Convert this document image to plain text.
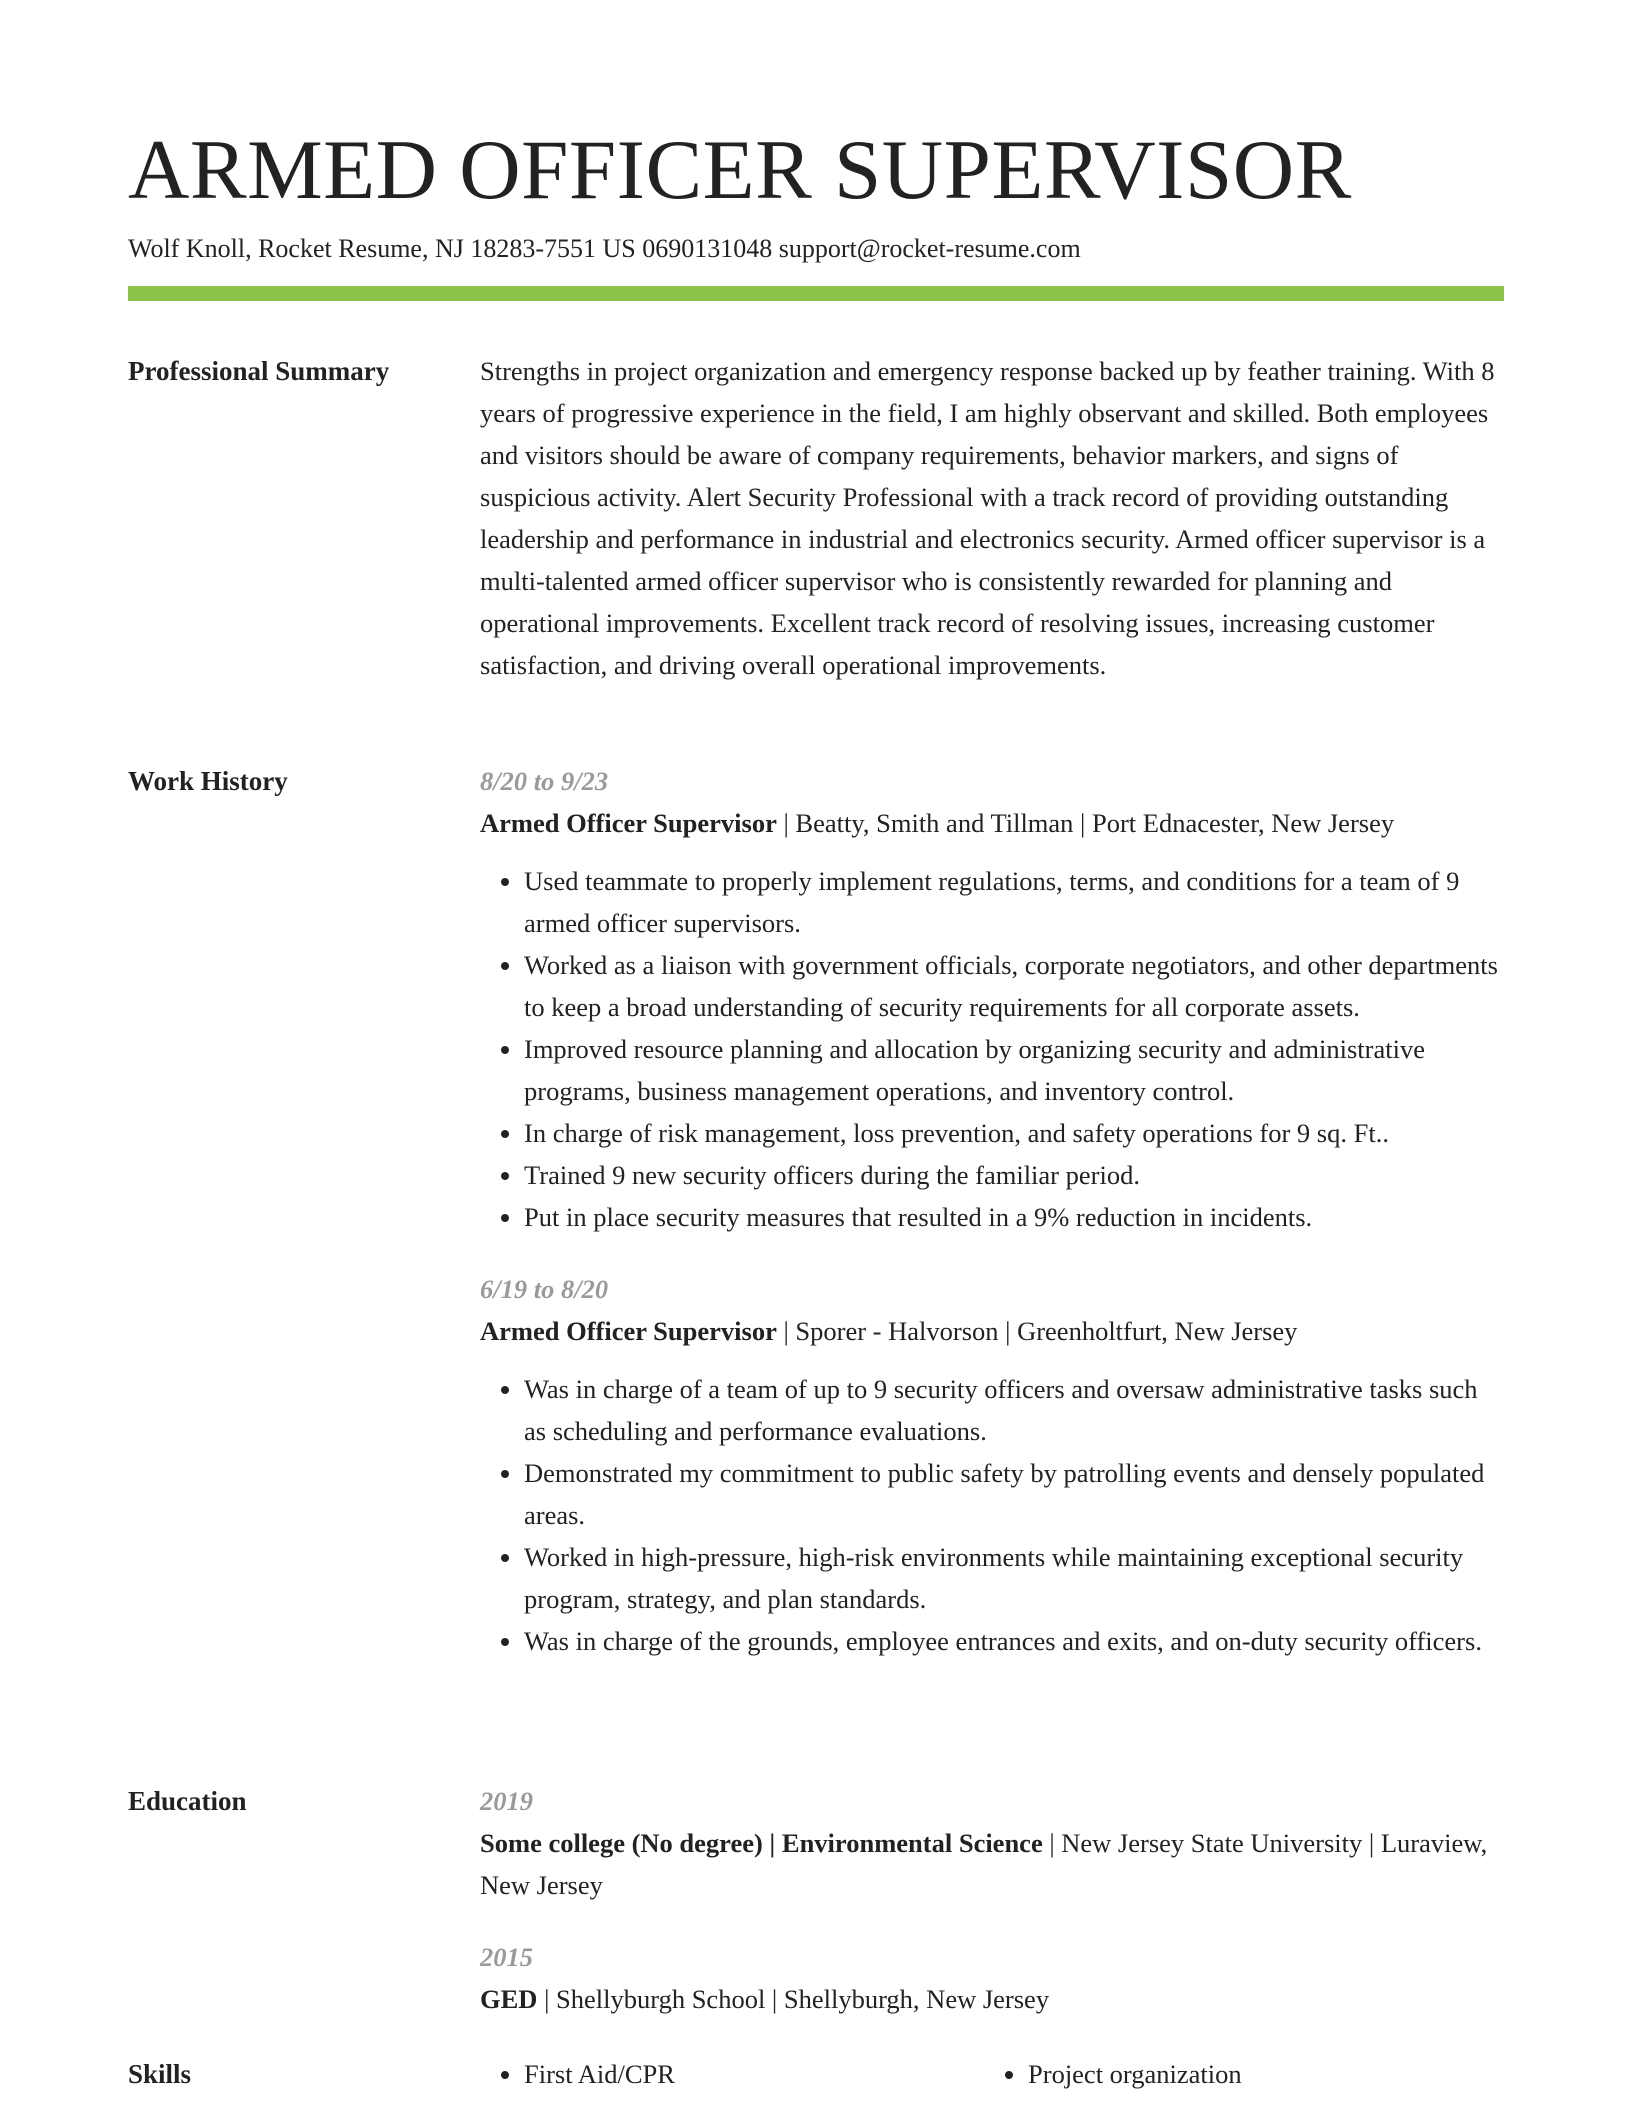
ARMED OFFICER SUPERVISOR
Wolf Knoll, Rocket Resume, NJ 18283-7551 US 0690131048 support@rocket-resume.com
Professional Summary	Strengths in project organization and emergency response backed up by feather training. With 8 years of progressive experience in the field, I am highly observant and skilled. Both employees and visitors should be aware of company requirements, behavior markers, and signs of suspicious activity. Alert Security Professional with a track record of providing outstanding leadership and performance in industrial and electronics security. Armed officer supervisor is a multi-talented armed officer supervisor who is consistently rewarded for planning and operational improvements. Excellent track record of resolving issues, increasing customer satisfaction, and driving overall operational improvements.

Work History	8/20 to 9/23
Armed Officer Supervisor | Beatty, Smith and Tillman | Port Ednacester, New Jersey
• Used teammate to properly implement regulations, terms, and conditions for a team of 9 armed officer supervisors.
• Worked as a liaison with government officials, corporate negotiators, and other departments to keep a broad understanding of security requirements for all corporate assets.
• Improved resource planning and allocation by organizing security and administrative programs, business management operations, and inventory control.
• In charge of risk management, loss prevention, and safety operations for 9 sq. Ft..
• Trained 9 new security officers during the familiar period.
• Put in place security measures that resulted in a 9% reduction in incidents.
6/19 to 8/20
Armed Officer Supervisor | Sporer - Halvorson | Greenholtfurt, New Jersey
• Was in charge of a team of up to 9 security officers and oversaw administrative tasks such as scheduling and performance evaluations.
• Demonstrated my commitment to public safety by patrolling events and densely populated areas.
• Worked in high-pressure, high-risk environments while maintaining exceptional security program, strategy, and plan standards.
• Was in charge of the grounds, employee entrances and exits, and on-duty security officers.
Education	2019
Some college (No degree) | Environmental Science | New Jersey State University | Luraview, New Jersey
2015
GED | Shellyburgh School | Shellyburgh, New Jersey
Skills	• First Aid/CPR	• Project organization
